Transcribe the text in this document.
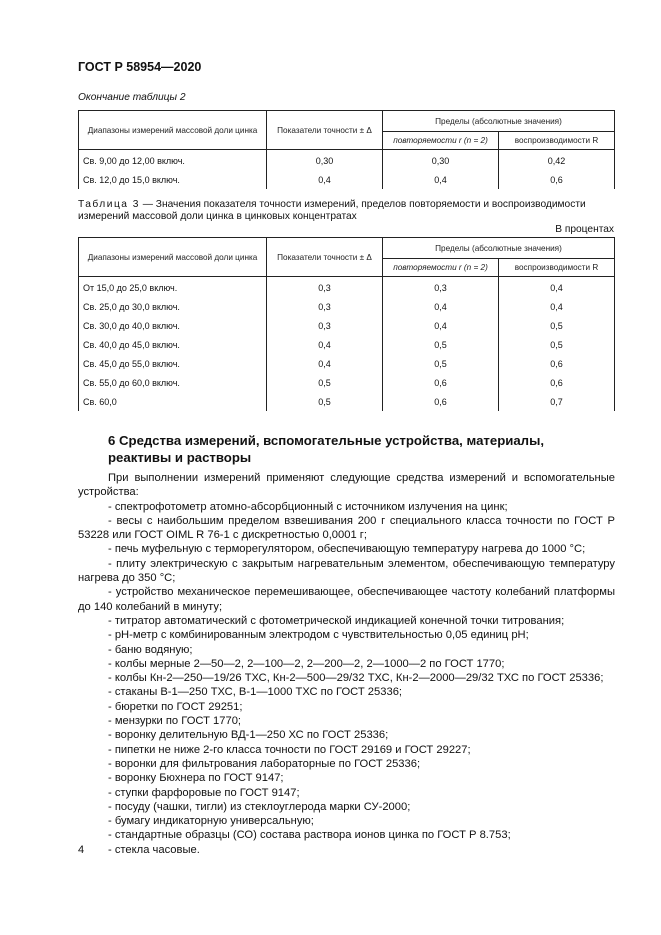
ГОСТ Р 58954—2020
Окончание таблицы 2
Диапазоны измерений массовой доли цинка	Показатели точности ± Δ	Пределы (абсолютные значения)	
		повторяемости r (n = 2)	воспроизводимости R
Св. 9,00 до 12,00 включ.	0,30	0,30	0,42
Св. 12,0 до 15,0 включ.	0,4	0,4	0,6
Таблица 3 — Значения показателя точности измерений, пределов повторяемости и воспроизводимости измерений массовой доли цинка в цинковых концентратах
В процентах
Диапазоны измерений массовой доли цинка	Показатели точности ± Δ	Пределы (абсолютные значения)	
		повторяемости r (n = 2)	воспроизводимости R
От 15,0 до 25,0 включ.	0,3	0,3	0,4
Св. 25,0 до 30,0 включ.	0,3	0,4	0,4
Св. 30,0 до 40,0 включ.	0,3	0,4	0,5
Св. 40,0 до 45,0 включ.	0,4	0,5	0,5
Св. 45,0 до 55,0 включ.	0,4	0,5	0,6
Св. 55,0 до 60,0 включ.	0,5	0,6	0,6
Св. 60,0	0,5	0,6	0,7
6 Средства измерений, вспомогательные устройства, материалы, реактивы и растворы

При выполнении измерений применяют следующие средства измерений и вспомогательные устройства:

- спектрофотометр атомно-абсорбционный с источником излучения на цинк;

- весы с наибольшим пределом взвешивания 200 г специального класса точности по ГОСТ Р 53228 или ГОСТ OIML R 76-1 с дискретностью 0,0001 г;

- печь муфельную с терморегулятором, обеспечивающую температуру нагрева до 1000 °С;

- плиту электрическую с закрытым нагревательным элементом, обеспечивающую температуру нагрева до 350 °С;

- устройство механическое перемешивающее, обеспечивающее частоту колебаний платформы до 140 колебаний в минуту;

- титратор автоматический с фотометрической индикацией конечной точки титрования;

- pH-метр с комбинированным электродом с чувствительностью 0,05 единиц pH;

- баню водяную;

- колбы мерные 2—50—2, 2—100—2, 2—200—2, 2—1000—2 по ГОСТ 1770;

- колбы Кн-2—250—19/26 ТХС, Кн-2—500—29/32 ТХС, Кн-2—2000—29/32 ТХС по ГОСТ 25336;

- стаканы В-1—250 ТХС, В-1—1000 ТХС по ГОСТ 25336;

- бюретки по ГОСТ 29251;

- мензурки по ГОСТ 1770;

- воронку делительную ВД-1—250 ХС по ГОСТ 25336;

- пипетки не ниже 2-го класса точности по ГОСТ 29169 и ГОСТ 29227;

- воронки для фильтрования лабораторные по ГОСТ 25336;

- воронку Бюхнера по ГОСТ 9147;

- ступки фарфоровые по ГОСТ 9147;

- посуду (чашки, тигли) из стеклоуглерода марки СУ-2000;

- бумагу индикаторную универсальную;

- стандартные образцы (СО) состава раствора ионов цинка по ГОСТ Р 8.753;

- стекла часовые.

4
